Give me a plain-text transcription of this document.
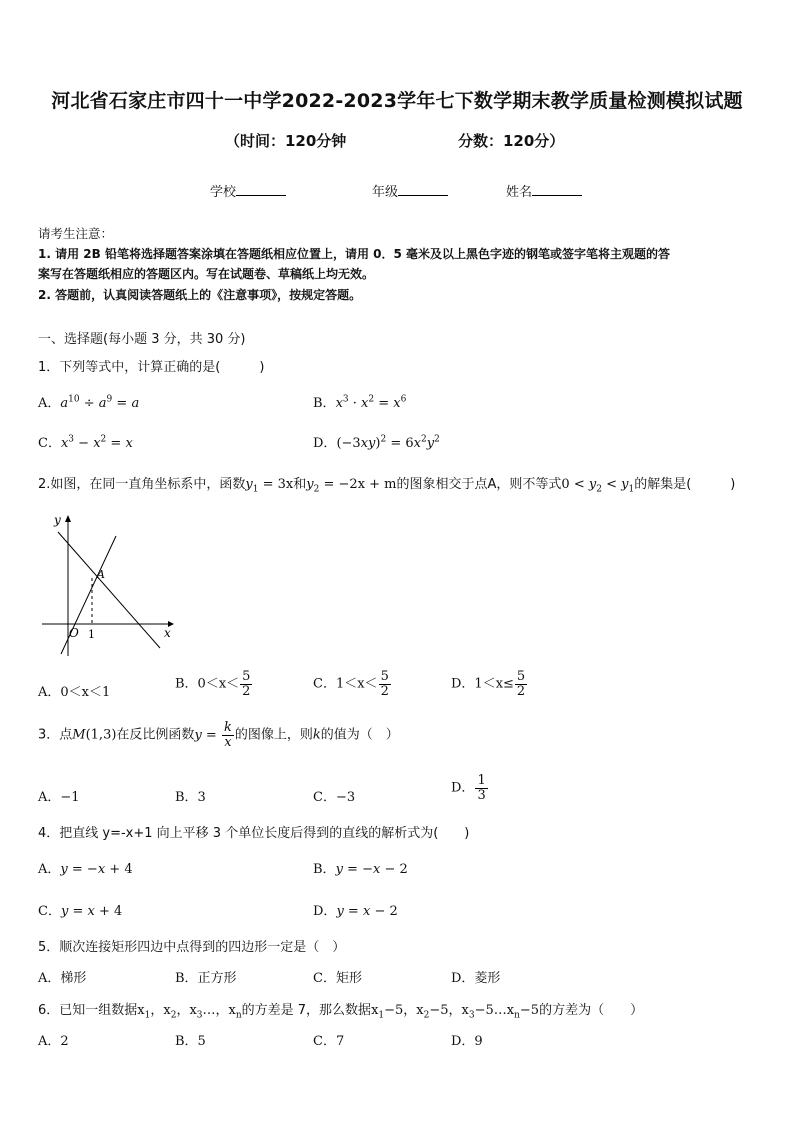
河北省石家庄市四十一中学2022-2023学年七下数学期末教学质量检测模拟试题
（时间：120分钟	分数：120分）
学校	年级	姓名
请考生注意：
1. 请用 2B 铅笔将选择题答案涂填在答题纸相应位置上，请用 0．5 毫米及以上黑色字迹的钢笔或签字笔将主观题的答
案写在答题纸相应的答题区内。写在试题卷、草稿纸上均无效。
2. 答题前，认真阅读答题纸上的《注意事项》，按规定答题。
一、选择题(每小题 3 分，共 30 分)
1．下列等式中，计算正确的是(　　　)
A．$a^{10} \div a^9 = a$	B．$x^3 \cdot x^2 = x^6$
C．$x^3 - x^2 = x$	D．$(-3xy)^2 = 6x^2y^2$
2.如图，在同一直角坐标系中，函数$y_1 = 3x$和$y_2 = -2x + m$的图象相交于点A，则不等式$0 < y_2 < y_1$的解集是(　　　)
y
x
O
A
1
A．0＜x＜1
B．$0<x< \frac{5}{2}$	C．$1<x< \frac{5}{2}$	D．$1<x\le \frac{5}{2}$
3．点M(1,3)在反比例函数$y = \frac{k}{x}$ 的图像上，则k的值为（　）
A．−1	B．3	C．−3
D． $\frac{1}{3}$
4．把直线 y=-x+1 向上平移 3 个单位长度后得到的直线的解析式为(　　)
A．y = −x + 4	B．y = −x − 2
C．y = x + 4	D．y = x − 2
5．顺次连接矩形四边中点得到的四边形一定是（　）
A．梯形	B．正方形	C．矩形	D．菱形
6．已知一组数据$x_1$，$x_2$，$x_3\dots$，$x_n$的方差是 7，那么数据$x_1-5$，$x_2-5$，$x_3-5\dots x_n-5$的方差为（　　）
A．2	B．5	C．7	D．9
